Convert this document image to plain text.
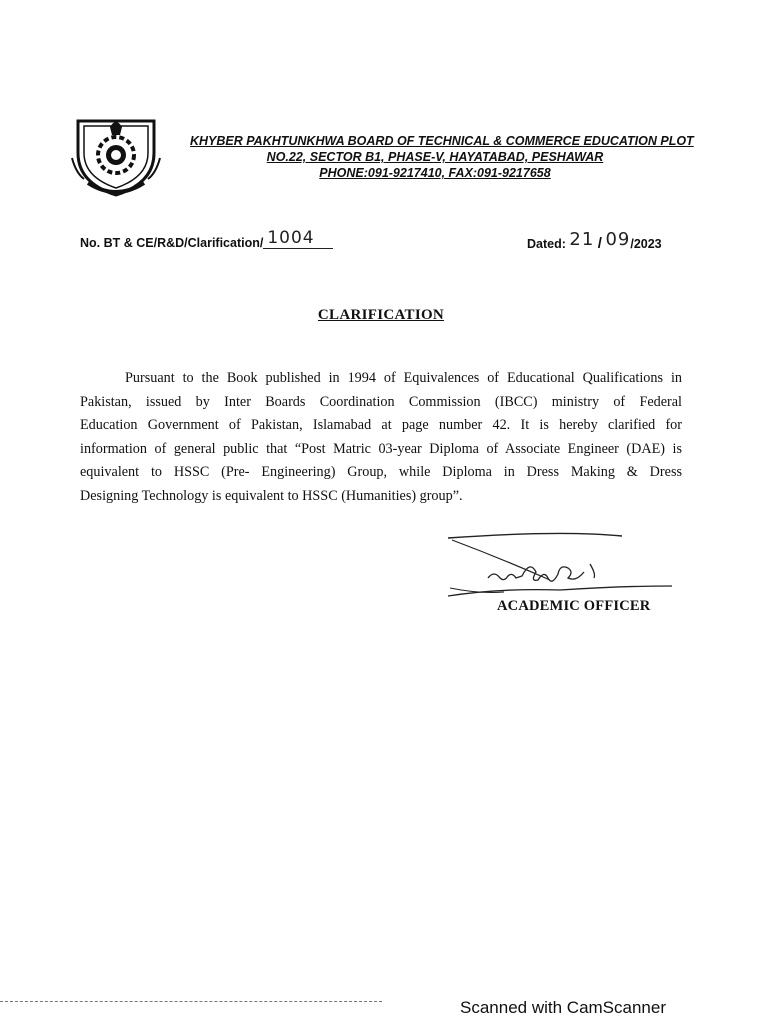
KHYBER PAKHTUNKHWA BOARD OF TECHNICAL & COMMERCE EDUCATION PLOT
NO.22, SECTOR B1, PHASE-V, HAYATABAD, PESHAWAR
PHONE:091-9217410, FAX:091-9217658
No. BT & CE/R&D/Clarification/ 1004	Dated: 21 / 09/2023
CLARIFICATION
Pursuant to the Book published in 1994 of Equivalences of Educational Qualifications in
Pakistan, issued by Inter Boards Coordination Commission (IBCC) ministry of Federal
Education Government of Pakistan, Islamabad at page number 42. It is hereby clarified for
information of general public that “Post Matric 03-year Diploma of Associate Engineer (DAE) is
equivalent to HSSC (Pre- Engineering) Group, while Diploma in Dress Making & Dress
Designing Technology is equivalent to HSSC (Humanities) group”.
ACADEMIC OFFICER
Scanned with CamScanner
